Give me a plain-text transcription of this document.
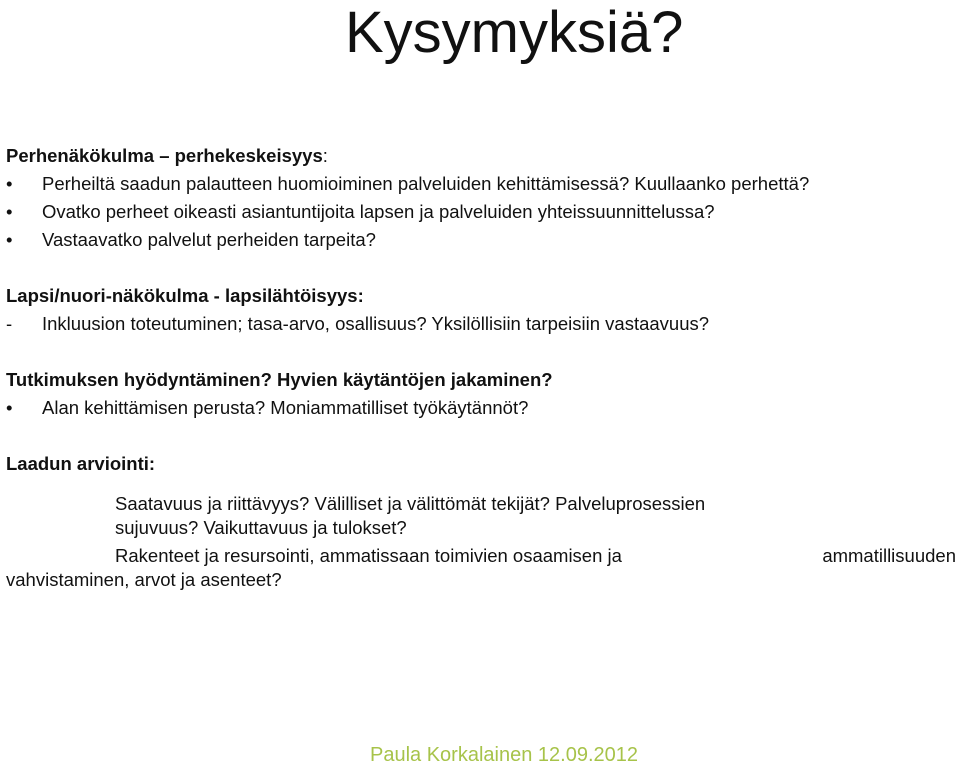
Kysymyksiä?
Perhenäkökulma – perhekeskeisyys:
•	Perheiltä saadun palautteen huomioiminen palveluiden kehittämisessä? Kuullaanko perhettä?
•	Ovatko perheet oikeasti asiantuntijoita lapsen ja palveluiden yhteissuunnittelussa?
•	Vastaavatko palvelut perheiden tarpeita?
Lapsi/nuori-näkökulma - lapsilähtöisyys:
-	Inkluusion toteutuminen; tasa-arvo, osallisuus? Yksilöllisiin tarpeisiin vastaavuus?
Tutkimuksen hyödyntäminen? Hyvien käytäntöjen jakaminen?
•	Alan kehittämisen perusta? Moniammatilliset työkäytännöt?
Laadun arviointi:
Saatavuus ja riittävyys? Välilliset ja välittömät tekijät? Palveluprosessien
sujuvuus? Vaikuttavuus ja tulokset?
Rakenteet ja resursointi, ammatissaan toimivien osaamisen ja	ammatillisuuden
vahvistaminen, arvot ja asenteet?
Paula Korkalainen 12.09.2012
